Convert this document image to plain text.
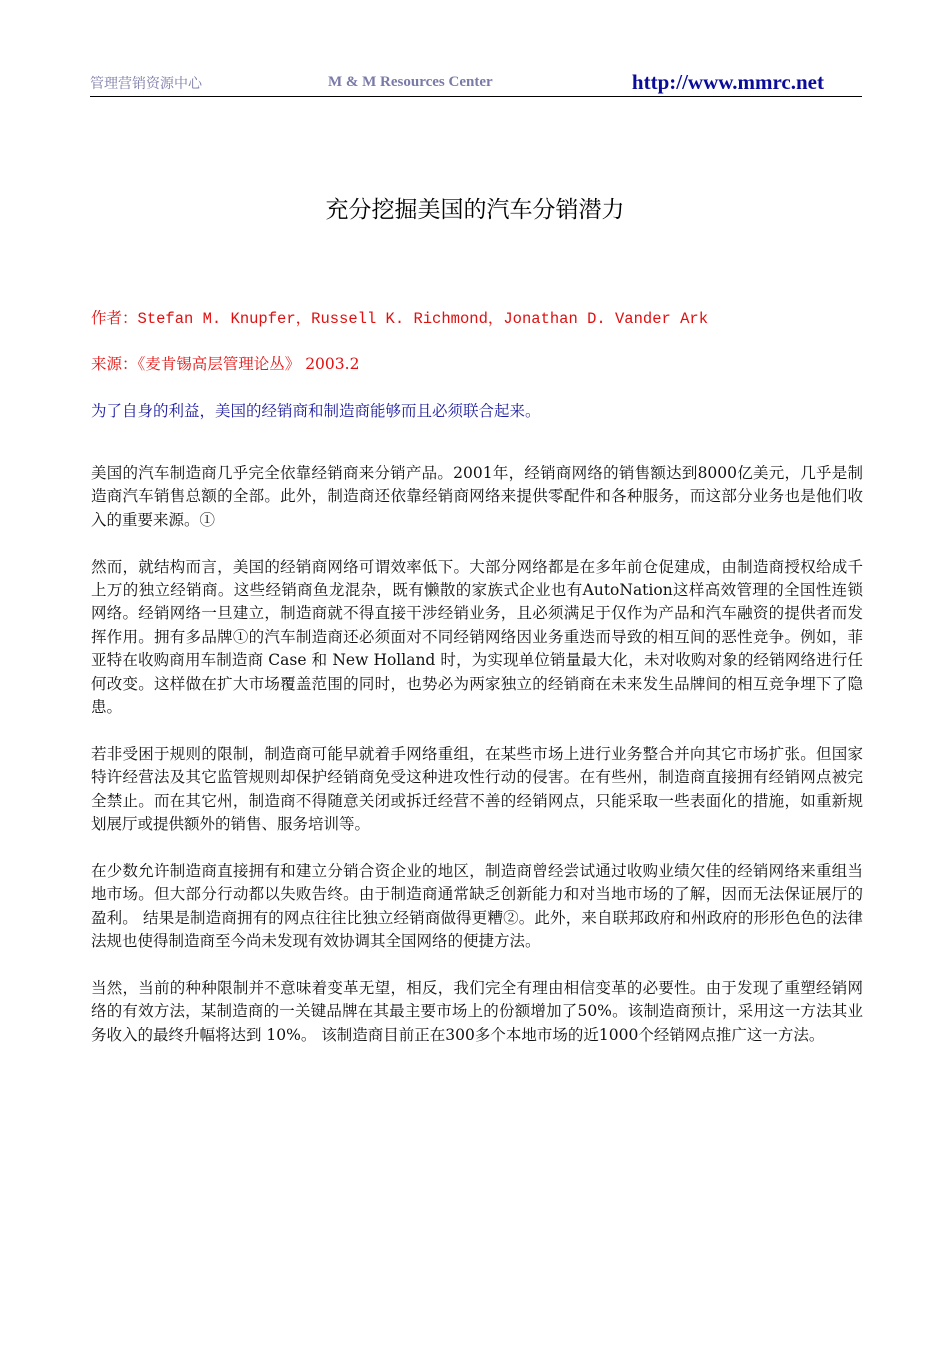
管理营销资源中心	M & M Resources Center	http://www.mmrc.net
充分挖掘美国的汽车分销潜力
作者：Stefan M. Knupfer，Russell K. Richmond，Jonathan D. Vander Ark
来源：《麦肯锡高层管理论丛》 2003.2
为了自身的利益，美国的经销商和制造商能够而且必须联合起来。

美国的汽车制造商几乎完全依靠经销商来分销产品。2001年，经销商网络的销售额达到8000亿美元，几乎是制造商汽车销售总额的全部。此外，制造商还依靠经销商网络来提供零配件和各种服务，而这部分业务也是他们收入的重要来源。①

然而，就结构而言，美国的经销商网络可谓效率低下。大部分网络都是在多年前仓促建成，由制造商授权给成千上万的独立经销商。这些经销商鱼龙混杂，既有懒散的家族式企业也有AutoNation这样高效管理的全国性连锁网络。经销网络一旦建立，制造商就不得直接干涉经销业务，且必须满足于仅作为产品和汽车融资的提供者而发挥作用。拥有多品牌①的汽车制造商还必须面对不同经销网络因业务重迭而导致的相互间的恶性竞争。例如，菲亚特在收购商用车制造商 Case 和 New Holland 时，为实现单位销量最大化，未对收购对象的经销网络进行任何改变。这样做在扩大市场覆盖范围的同时，也势必为两家独立的经销商在未来发生品牌间的相互竞争埋下了隐患。

若非受困于规则的限制，制造商可能早就着手网络重组，在某些市场上进行业务整合并向其它市场扩张。但国家特许经营法及其它监管规则却保护经销商免受这种进攻性行动的侵害。在有些州，制造商直接拥有经销网点被完全禁止。而在其它州，制造商不得随意关闭或拆迁经营不善的经销网点，只能采取一些表面化的措施，如重新规划展厅或提供额外的销售、服务培训等。

在少数允许制造商直接拥有和建立分销合资企业的地区，制造商曾经尝试通过收购业绩欠佳的经销网络来重组当地市场。但大部分行动都以失败告终。由于制造商通常缺乏创新能力和对当地市场的了解，因而无法保证展厅的盈利。 结果是制造商拥有的网点往往比独立经销商做得更糟②。此外，来自联邦政府和州政府的形形色色的法律法规也使得制造商至今尚未发现有效协调其全国网络的便捷方法。

当然，当前的种种限制并不意味着变革无望，相反，我们完全有理由相信变革的必要性。由于发现了重塑经销网络的有效方法，某制造商的一关键品牌在其最主要市场上的份额增加了50%。该制造商预计，采用这一方法其业务收入的最终升幅将达到 10%。 该制造商目前正在300多个本地市场的近1000个经销网点推广这一方法。
